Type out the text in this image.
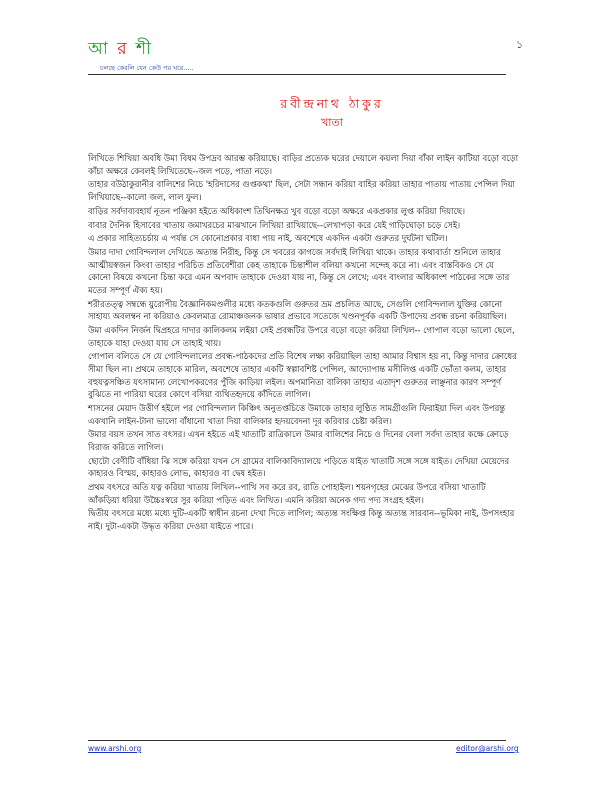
আ র শী
চলছে কেবলি যেন কেউ গর ঘরে.....
১
রবীন্দ্রনাথ ঠাকুর
খাতা

লিখিতে শিখিয়া অবধি উমা বিষম উপদ্রব আরম্ভ করিয়াছে। বাড়ির প্রত্যেক ঘরের দেয়ালে কয়লা দিয়া বাঁকা লাইন কাটিয়া বড়ো বড়ো কাঁচা অক্ষরে কেবলই লিখিতেছে--জল পড়ে, পাতা নড়ে।

তাহার বউঠাকুরানীর বালিশের নিচে 'হরিদাসের গুপ্তকথা' ছিল, সেটা সন্ধান করিয়া বাহির করিয়া তাহার পাতায় পাতায় পেন্সিল দিয়া লিখিয়াছে--কালো জল, লাল ফুল।

বাড়ির সর্বদাব্যবহার্য নূতন পঞ্জিকা হইতে অধিকাংশ তিথিনক্ষত্র খুব বড়ো বড়ো অক্ষরে একপ্রকার লুপ্ত করিয়া দিয়াছে।

বাবার দৈনিক হিসাবের খাতায় জমাখরচের মাঝখানে লিখিয়া রাখিয়াছে--লেখাপড়া করে যেই গাড়িঘোড়া চড়ে সেই।

এ প্রকার সাহিত্যচর্চায় এ পর্যন্ত সে কোনোপ্রকার বাধা পায় নাই, অবশেষে একদিন একটা গুরুতর দুর্ঘটনা ঘটিল।

উমার দাদা গোবিন্দলাল দেখিতে অত্যন্ত নিরীহ, কিন্তু সে খবরের কাগজে সর্বদাই লিখিয়া থাকে। তাহার কথাবার্তা শুনিলে তাহার আত্মীয়স্বজন কিংবা তাহার পরিচিত প্রতিবেশীরা কেহ তাহাকে চিন্তাশীল বলিয়া কখনো সন্দেহ করে না। এবং বাস্তবিকও সে যে কোনো বিষয়ে কখনো চিন্তা করে এমন অপবাদ তাহাকে দেওয়া যায় না, কিন্তু সে লেখে; এবং বাংলার অধিকাংশ পাঠকের সঙ্গে তার মতের সম্পূর্ণ ঐক্য হয়।

শরীরতত্ত্ব সম্বন্ধে য়ুরোপীয় বৈজ্ঞানিকমণ্ডলীর মধ্যে কতকগুলি গুরুতর ভ্রম প্রচলিত আছে, সেগুলি গোবিন্দলাল যুক্তির কোনো সাহায্য অবলম্বন না করিয়াও কেবলমাত্র রোমাঞ্চজনক ভাষার প্রভাবে সতেজে খণ্ডনপূর্বক একটি উপাদেয় প্রবন্ধ রচনা করিয়াছিল।

উমা একদিন নির্জন দ্বিপ্রহরে দাদার কালিকলম লইয়া সেই প্রবন্ধটির উপরে বড়ো বড়ো করিয়া লিখিল-- গোপাল বড়ো ভালো ছেলে, তাহাকে যাহা দেওয়া যায় সে তাহাই খায়।

গোপাল বলিতে সে যে গোবিন্দলালের প্রবন্ধ-পাঠকদের প্রতি বিশেষ লক্ষ্য করিয়াছিল তাহা আমার বিশ্বাস হয় না, কিন্তু দাদার ক্রোধের সীমা ছিল না। প্রথমে তাহাকে মারিল, অবশেষে তাহার একটি স্বল্পাবশিষ্ট পেন্সিল, আদ্যোপান্ত মসীলিপ্ত একটি ভোঁতা কলম, তাহার বহুযত্নসঞ্চিত যৎসামান্য লেখোপকরণের পুঁজি কাড়িয়া লইল। অপমানিতা বালিকা তাহার এতাদৃশ গুরুতর লাঞ্ছনার কারণ সম্পূর্ণ বুঝিতে না পারিয়া ঘরের কোণে বসিয়া ব্যথিতহৃদয়ে কাঁদিতে লাগিল।

শাসনের মেয়াদ উত্তীর্ণ হইলে পর গোবিন্দলাল কিঞ্চিৎ অনুতপ্তচিত্তে উমাকে তাহার লুণ্ঠিত সামগ্রীগুলি ফিরাইয়া দিল এবং উপরন্তু একখানি লাইন-টানা ভালো বাঁধানো খাতা দিয়া বালিকার হৃদয়বেদনা দূর করিবার চেষ্টা করিল।

উমার বয়স তখন সাত বৎসর। এখন হইতে এই খাতাটি রাত্রিকালে উমার বালিশের নিচে ও দিনের বেলা সর্বদা তাহার কক্ষে ক্রোড়ে বিরাজ করিতে লাগিল।

ছোটো বেণীটি বাঁধিয়া ঝি সঙ্গে করিয়া যখন সে গ্রামের বালিকাবিদ্যালয়ে পড়িতে যাইত খাতাটি সঙ্গে সঙ্গে যাইত। দেখিয়া মেয়েদের কাহারও বিস্ময়, কাহারও লোভ, কাহারও বা দ্বেষ হইত।

প্রথম বৎসরে অতি যত্ন করিয়া খাতায় লিখিল--পাখি সব করে রব, রাতি পোহাইল। শয়নগৃহের মেঝের উপরে বসিয়া খাতাটি আঁকড়িয়া ধরিয়া উচ্চৈঃস্বরে সুর করিয়া পড়িত এবং লিখিত। এমনি করিয়া অনেক গদ্য পদ্য সংগ্রহ হইল।

দ্বিতীয় বৎসরে মধ্যে মধ্যে দুটি-একটি স্বাধীন রচনা দেখা দিতে লাগিল; অত্যন্ত সংক্ষিপ্ত কিন্তু অত্যন্ত সারবান--ভূমিকা নাই, উপসংহার নাই। দুটা-একটা উদ্ধৃত করিয়া দেওয়া যাইতে পারে।

www.arshi.org	editor@arshi.org
